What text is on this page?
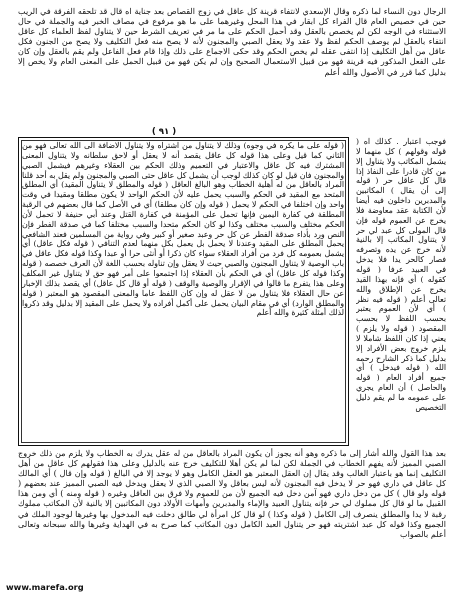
الرجال دون النساء لما ذكره وقال الإسعدي لانتفاء قرينة كل عاقل في زوج القصاص بعد جناية اه قال قد تلحقه الفرقة في الريب حين في خصيص العام قال الفراء كل ابقار في هذا المحل وغيرهما على ما هو مرفوع في مصاف الخبر فيه والجملة في حال الاستثناء في الوجه لكن لم يخصص بالعقل وقد أحمل الحكم على ما مر في تعريف الشرط حين لا يتناول لفظ العلماء كل عاقل انتفاء بالعقل لم يوصف الحكم لفظ ولا عقد ولا يعقل الصبي والمجنون لأنه لا يصح منه فعل التكليف ولا يصح من الجنون فكل عاقل من أهل التكليف إذا انتفى عقله لم يخص الحكم وقد حكى الاجماع على ذلك وإذا قام فعل الفاعل ولم يقم بالعقل وإن كان على الفعل المذكور فيه قرينة فهو من قبيل الاستعمال الصحيح وإن لم يكن فهو من قبيل الحمل على المعنى العام ولا يخص إلا بدليل كما قرر في الأصول والله أعلم

( ٩١ )

( قوله على ما يكره في وجوه) وذلك لا يتناول من اشتراه ولا يتناول الاضافة الى الله تعالى فهو من الثاني كما قيل وعلى هذا قوله كل عاقل يقصد أنه لا يعقل أو لاحق سلطانه ولا يتناول المعنى المشترك فيه كل عاقل والاعتبار في التعميم وذلك الحكم بين العقلاء وغيرهم فيشمل الصبي والمجنون فان قيل لو كان كذلك لوجب أن يشمل كل عاقل حتى الصبي والمجنون ولم يقل به أحد قلنا المراد بالعاقل من له أهلية الخطاب وهو البالغ العاقل ( قوله والمطلق لا يتناول المقيد) أي المطلق المتحد مع المقيد في الحكم والسبب يحمل عليه لأن الحكم الواحد لا يكون مطلقا ومقيدا في وقت واحد وإن اختلفا في الحكم لا يحمل ( قوله وإن كان مطلقا) أي في الأصل كما قال بعضهم في الرقبة المطلقة في كفارة اليمين فإنها تحمل على المؤمنة في كفارة القتل وعند أبي حنيفة لا تحمل لأن الحكم مختلف والسبب مختلف وكذا لو كان الحكم متحدا والسبب مختلفا كما في صدقة الفطر فإن النص ورد بأداء صدقة الفطر عن كل حر وعبد صغير أو كبير وفي رواية من المسلمين فعند الشافعي يحمل المطلق على المقيد وعندنا لا يحمل بل يعمل بكل منهما لعدم التنافي ( قوله فكل عاقل) أي يشمل بعمومه كل فرد من أفراد العقلاء سواء كان ذكرا أو أنثى حرا أو عبدا وكذا قوله فكل عاقل في باب الوصية لا يتناول المجنون والصبي حيث لا يعقل وإن تناوله بحسب اللغة لأن العرف خصصه ( قوله وكذا قوله كل عاقل) أي في الحكم بأن العقلاء إذا اجتمعوا على أمر فهو حق لا يتناول غير المكلف وعلى هذا يتفرع ما قالوا في الإقرار والوصية والوقف ( قوله أو قال كل عاقل) أي يقصد بذلك الإخبار عن حال العقلاء فلا يتناول من لا عقل له وإن كان اللفظ عاما والمعنى المقصود هو المعتبر ( قوله والمطلق الوارد) أي في مقام البيان يحمل على أكمل أفراده ولا يحمل على المقيد إلا بدليل وقد ذكروا لذلك أمثلة كثيرة والله أعلم

فوجب اعتبار . كذلك اه ( قوله وقولهم ) كل منهما لا يشمل المكاتب ولا يتناول إلا من كان قادرا على النفاذ إذا قال كل عاقل حر ( قوله إلى أن يقال ) المكاتبين والمدبرين داخلون فيه أيضا لأن الكتابة عقد معاوضة فلا يخرج عن العموم قوله فإن قال المولى كل عبد لي حر لا يتناول المكاتب إلا بالنية لأنه خرج عن يده وتصرفه فصار كالحر يدا فلا يدخل في العبيد عرفا ( قوله كقوله ) أي فإنه بهذا القيد يخرج عن الإطلاق والله تعالى أعلم ( قوله فيه نظر ) أي لأن العموم يعتبر بحسب اللفظ لا بحسب المقصود ( قوله ولا يلزم ) يعني إذا كان اللفظ شاملا لا يلزم خروج بعض الأفراد إلا بدليل كما ذكر الشارح رحمه الله ( قوله فيدخل ) أي جميع أفراد العام ( قوله والحاصل ) أن العام يجري على عمومه ما لم يقم دليل التخصيص

بعد هذا القول والله أشار إلى ما ذكره وهو أنه يجوز أن يكون المراد بالعاقل من له عقل يدرك به الخطاب ولا يلزم من ذلك خروج الصبي المميز لأنه يفهم الخطاب في الجملة لكن لما لم يكن أهلا للتكليف خرج عنه بالدليل وعلى هذا فقولهم كل عاقل من أهل التكليف إنما هو باعتبار الغالب وقد يقال إن العقل المعتبر هو العقل الكامل وهو لا يوجد إلا في البالغ ( قوله وإن قال ) أي المالك كل عاقل في داري فهو حر لا يدخل فيه المجنون لأنه ليس بعاقل ولا الصبي الذي لا يعقل ويدخل فيه الصبي المميز عند بعضهم ( قوله ولو قال ) كل من دخل داري فهو آمن دخل فيه الجميع لأن من للعموم ولا فرق بين العاقل وغيره ( قوله ومنه ) أي ومن هذا القبيل ما لو قال كل مملوك لي حر فإنه يتناول العبيد والإماء والمدبرين وأمهات الأولاد دون المكاتبين إلا بالنية لأن المكاتب مملوك رقبة لا يدا والمطلق ينصرف إلى الكامل ( قوله وكذا ) لو قال كل امرأة لي طالق دخلت فيه المدخول بها وغيرها لوجود الملك في الجميع وكذا قوله كل عبد اشتريته فهو حر يتناول العبد الكامل دون المكاتب كما صرح به في الهداية وغيرها والله سبحانه وتعالى أعلم بالصواب

www.marefa.org
